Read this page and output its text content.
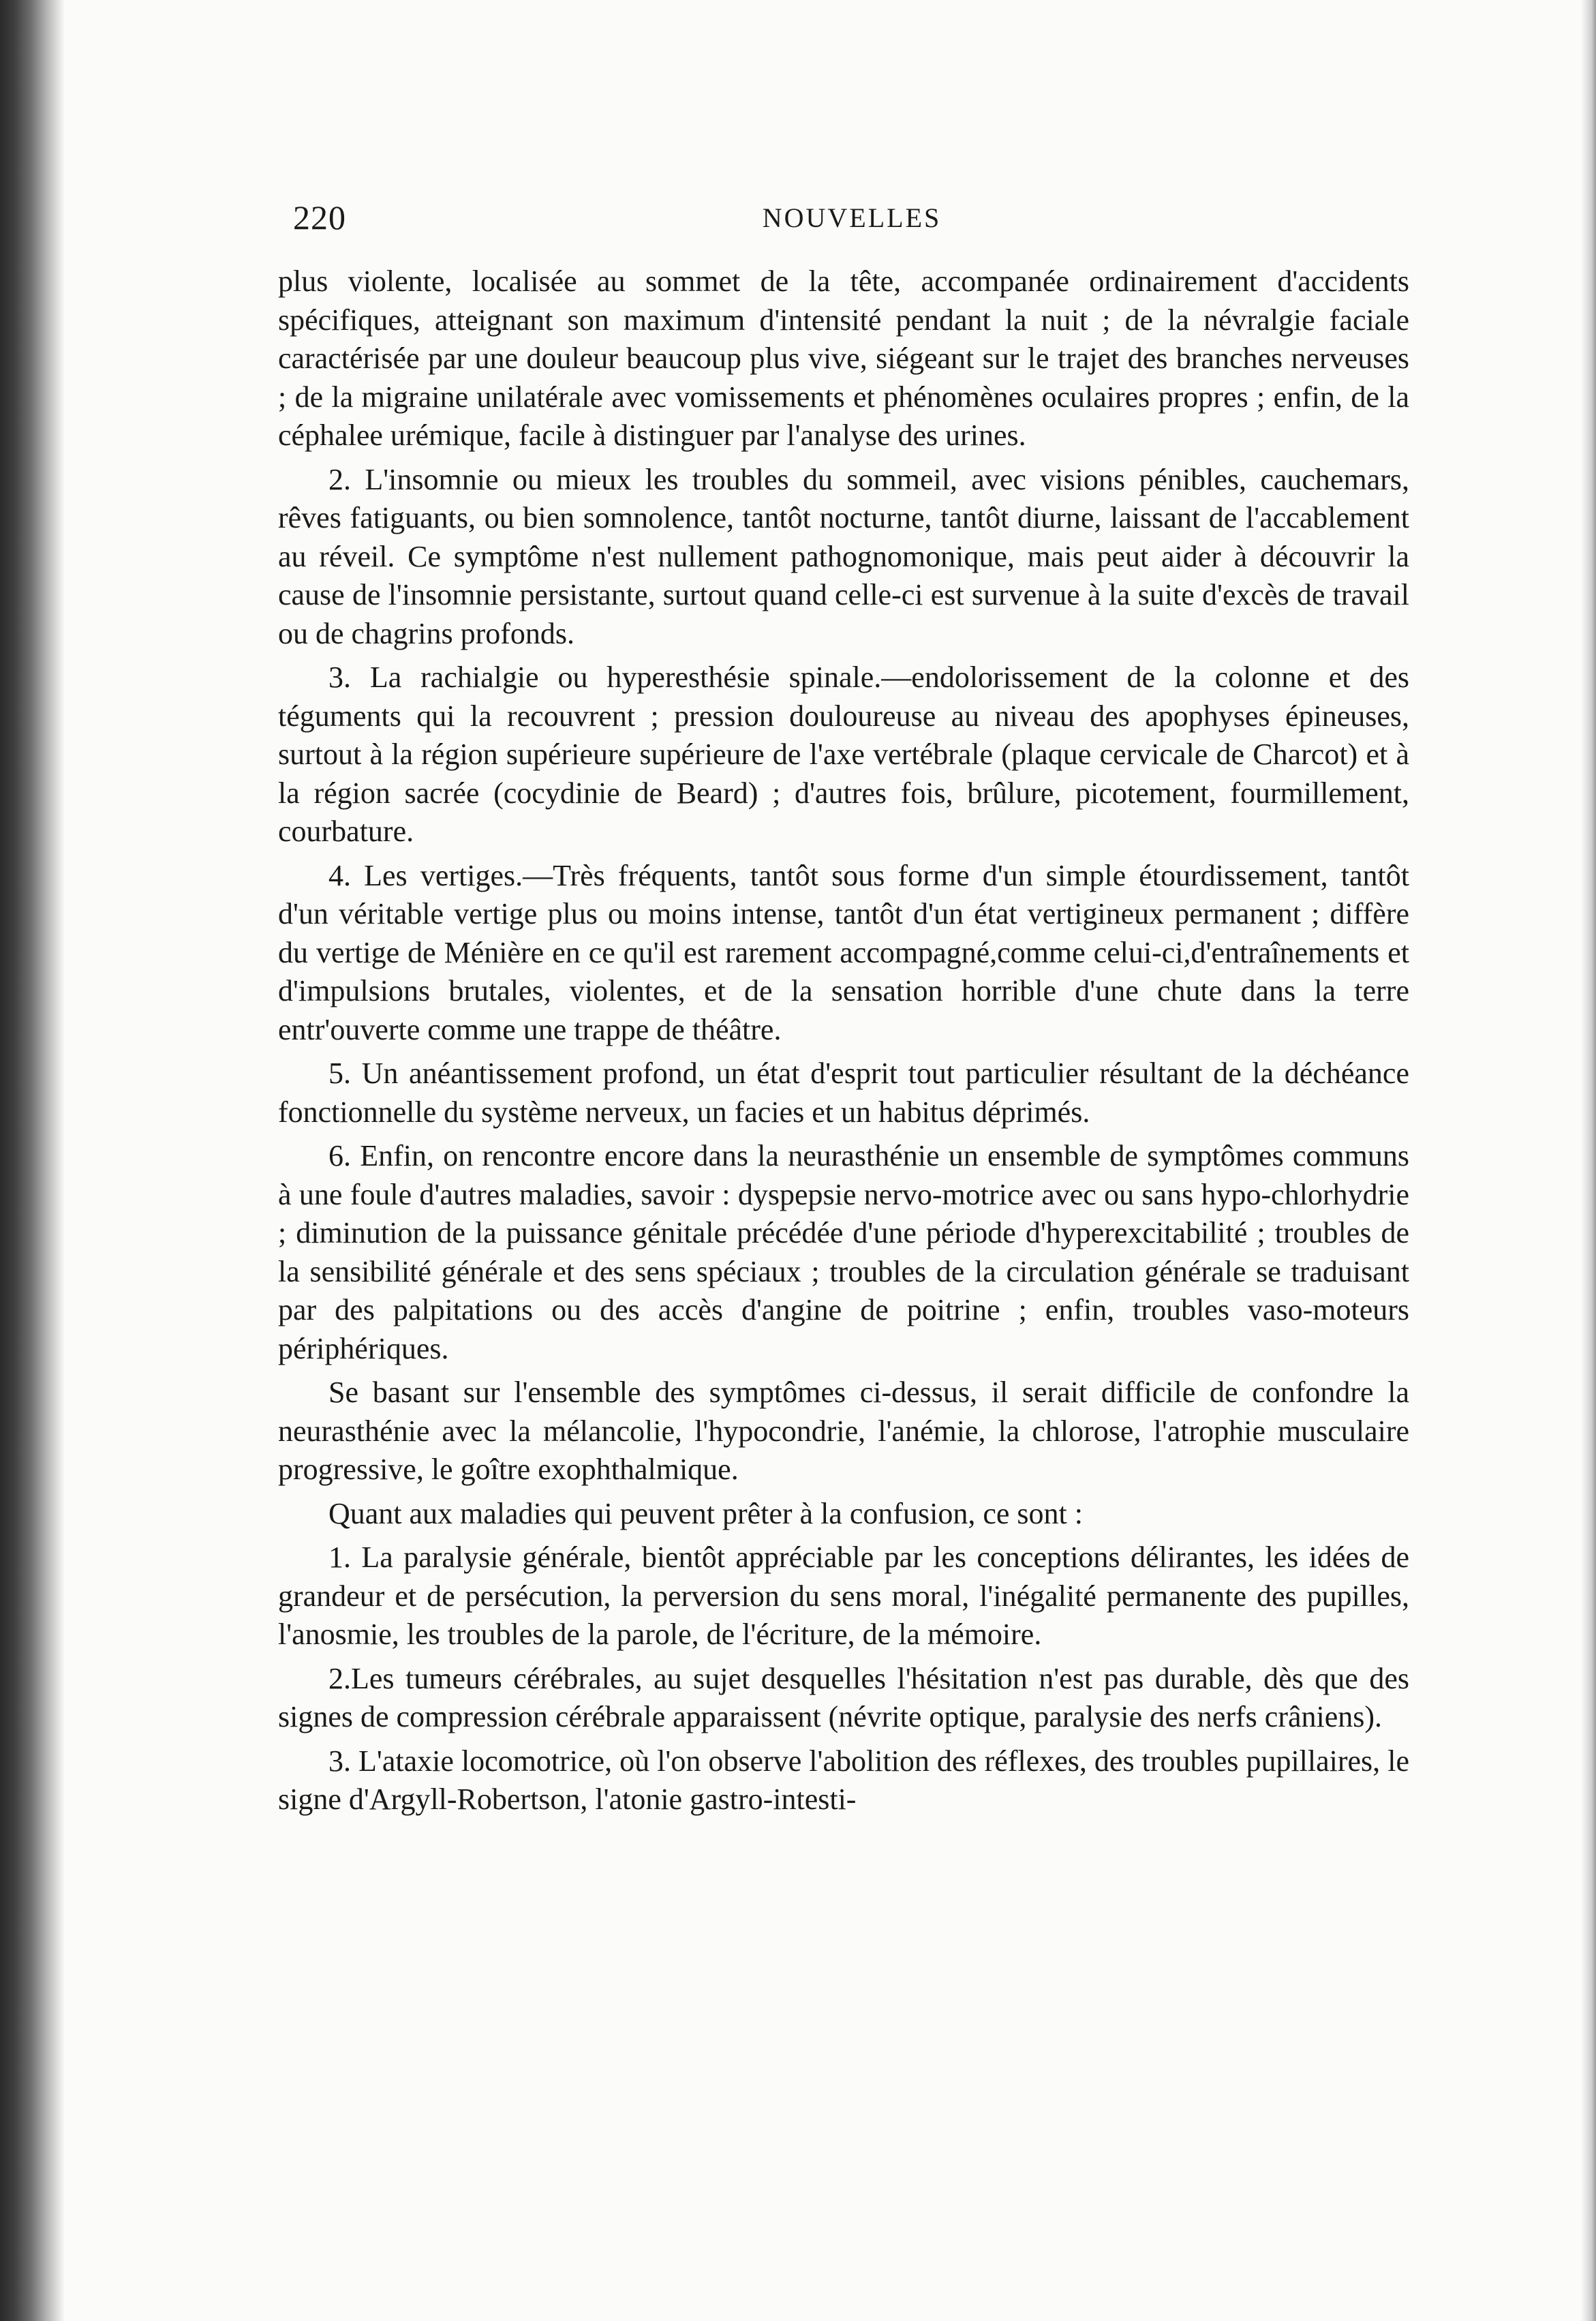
220	NOUVELLES

plus violente, localisée au sommet de la tête, accompanée ordinairement d'accidents spécifiques, atteignant son maximum d'intensité pendant la nuit ; de la névralgie faciale caractérisée par une douleur beaucoup plus vive, siégeant sur le trajet des branches nerveuses ; de la migraine unilatérale avec vomissements et phénomènes oculaires propres ; enfin, de la céphalee urémique, facile à distinguer par l'analyse des urines.

2. L'insomnie ou mieux les troubles du sommeil, avec visions pénibles, cauchemars, rêves fatiguants, ou bien somnolence, tantôt nocturne, tantôt diurne, laissant de l'accablement au réveil. Ce symptôme n'est nullement pathognomonique, mais peut aider à découvrir la cause de l'insomnie persistante, surtout quand celle-ci est survenue à la suite d'excès de travail ou de chagrins profonds.

3. La rachialgie ou hyperesthésie spinale.—endolorissement de la colonne et des téguments qui la recouvrent ; pression douloureuse au niveau des apophyses épineuses, surtout à la région supérieure supérieure de l'axe vertébrale (plaque cervicale de Charcot) et à la région sacrée (cocydinie de Beard) ; d'autres fois, brûlure, picotement, fourmillement, courbature.

4. Les vertiges.—Très fréquents, tantôt sous forme d'un simple étourdissement, tantôt d'un véritable vertige plus ou moins intense, tantôt d'un état vertigineux permanent ; diffère du vertige de Ménière en ce qu'il est rarement accompagné,comme celui-ci,d'entraînements et d'impulsions brutales, violentes, et de la sensation horrible d'une chute dans la terre entr'ouverte comme une trappe de théâtre.

5. Un anéantissement profond, un état d'esprit tout particulier résultant de la déchéance fonctionnelle du système nerveux, un facies et un habitus déprimés.

6. Enfin, on rencontre encore dans la neurasthénie un ensemble de symptômes communs à une foule d'autres maladies, savoir : dyspepsie nervo-motrice avec ou sans hypo-chlorhydrie ; diminution de la puissance génitale précédée d'une période d'hyperexcitabilité ; troubles de la sensibilité générale et des sens spéciaux ; troubles de la circulation générale se traduisant par des palpitations ou des accès d'angine de poitrine ; enfin, troubles vaso-moteurs périphériques.

Se basant sur l'ensemble des symptômes ci-dessus, il serait difficile de confondre la neurasthénie avec la mélancolie, l'hypocondrie, l'anémie, la chlorose, l'atrophie musculaire progressive, le goître exophthalmique.

Quant aux maladies qui peuvent prêter à la confusion, ce sont :

1. La paralysie générale, bientôt appréciable par les conceptions délirantes, les idées de grandeur et de persécution, la perversion du sens moral, l'inégalité permanente des pupilles, l'anosmie, les troubles de la parole, de l'écriture, de la mémoire.

2.Les tumeurs cérébrales, au sujet desquelles l'hésitation n'est pas durable, dès que des signes de compression cérébrale apparaissent (névrite optique, paralysie des nerfs crâniens).

3. L'ataxie locomotrice, où l'on observe l'abolition des réflexes, des troubles pupillaires, le signe d'Argyll-Robertson, l'atonie gastro-intesti-
